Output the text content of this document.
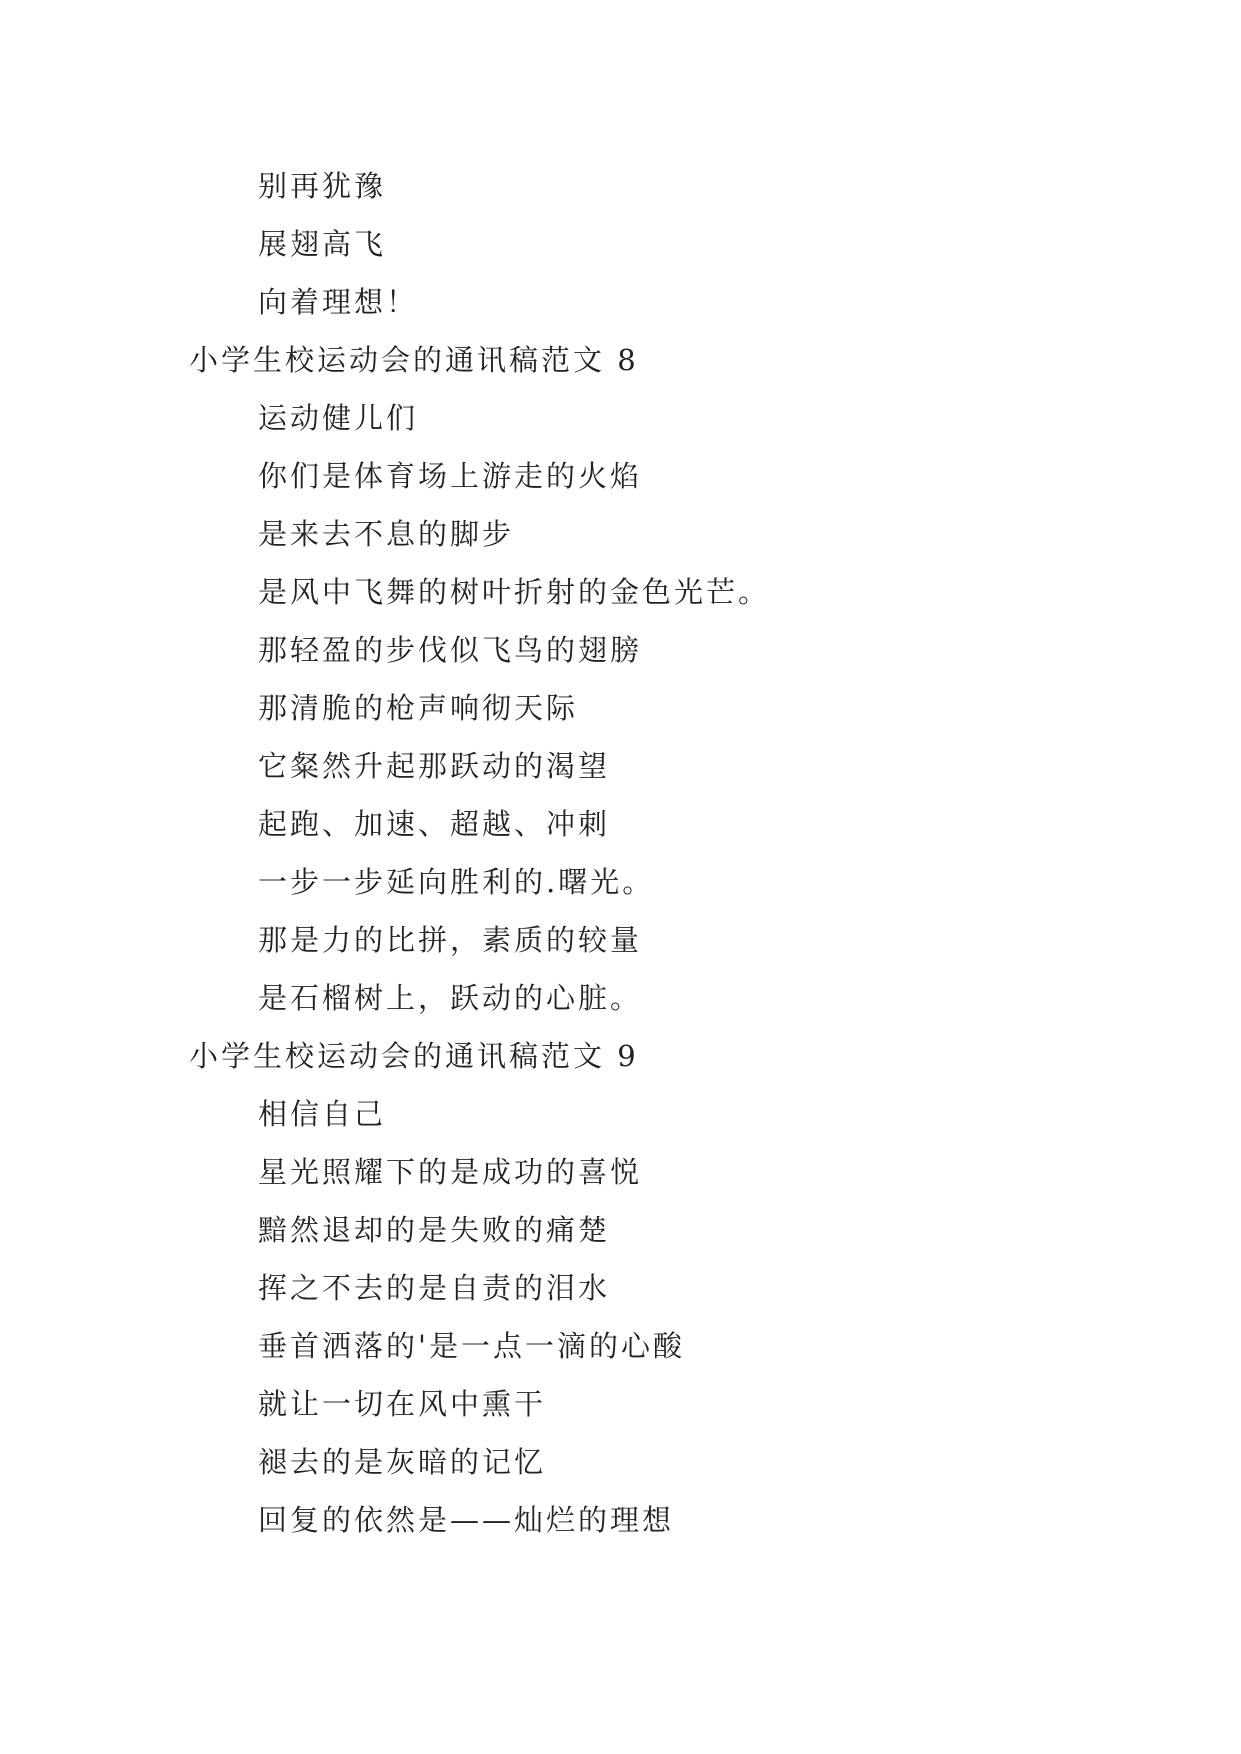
别再犹豫
展翅高飞
向着理想！
小学生校运动会的通讯稿范文 8
运动健儿们
你们是体育场上游走的火焰
是来去不息的脚步
是风中飞舞的树叶折射的金色光芒。
那轻盈的步伐似飞鸟的翅膀
那清脆的枪声响彻天际
它粲然升起那跃动的渴望
起跑、加速、超越、冲刺
一步一步延向胜利的.曙光。
那是力的比拼，素质的较量
是石榴树上，跃动的心脏。
小学生校运动会的通讯稿范文 9
相信自己
星光照耀下的是成功的喜悦
黯然退却的是失败的痛楚
挥之不去的是自责的泪水
垂首洒落的'是一点一滴的心酸
就让一切在风中熏干
褪去的是灰暗的记忆
回复的依然是——灿烂的理想
